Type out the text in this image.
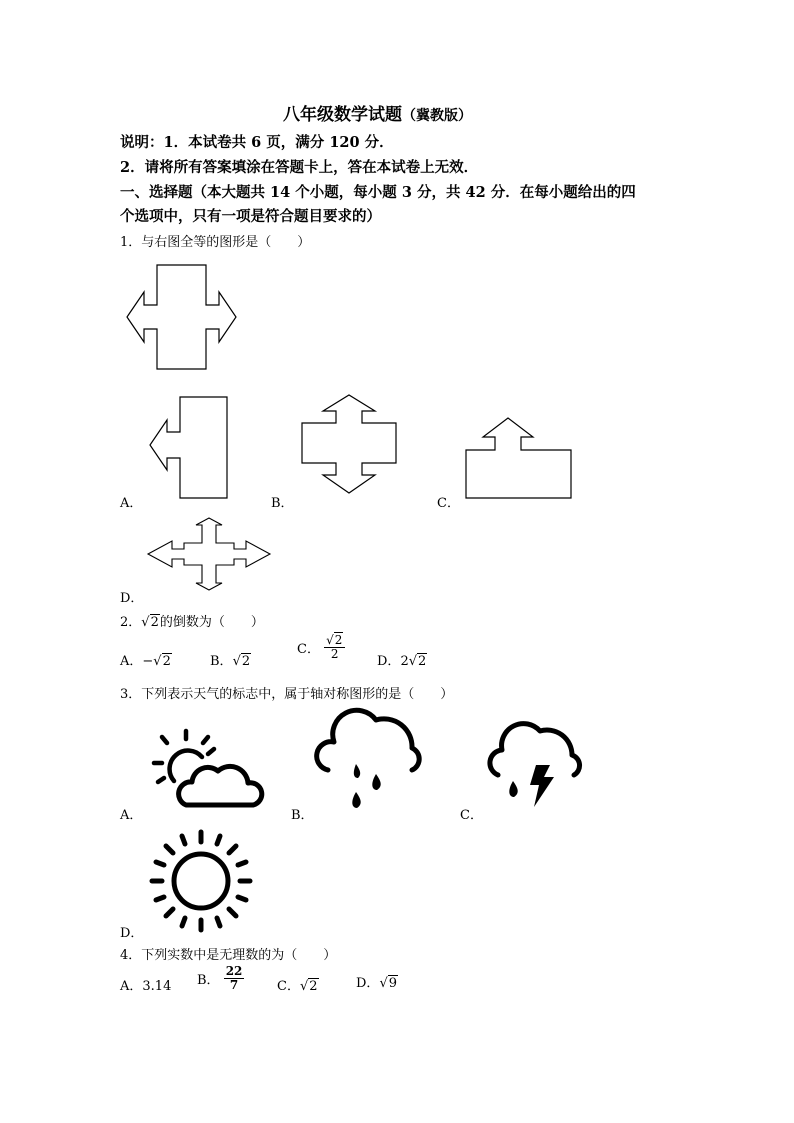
八年级数学试题（冀教版）
说明：1．本试卷共 6 页，满分 120 分．
2．请将所有答案填涂在答题卡上，答在本试卷上无效．
一、选择题（本大题共 14 个小题，每小题 3 分，共 42 分．在每小题给出的四
个选项中，只有一项是符合题目要求的）
1．与右图全等的图形是（　　）
A．	B．	C．
D．
2．√2的倒数为（　　）
A．−√2	B．√2
C． $\frac{√2}{2}$
D．2√2
3．下列表示天气的标志中，属于轴对称图形的是（　　）
A．	B．	C．
D．
4．下列实数中是无理数的为（　　）
A．3.14 B． $\frac{22}{7}$	C．√2	D．√9
